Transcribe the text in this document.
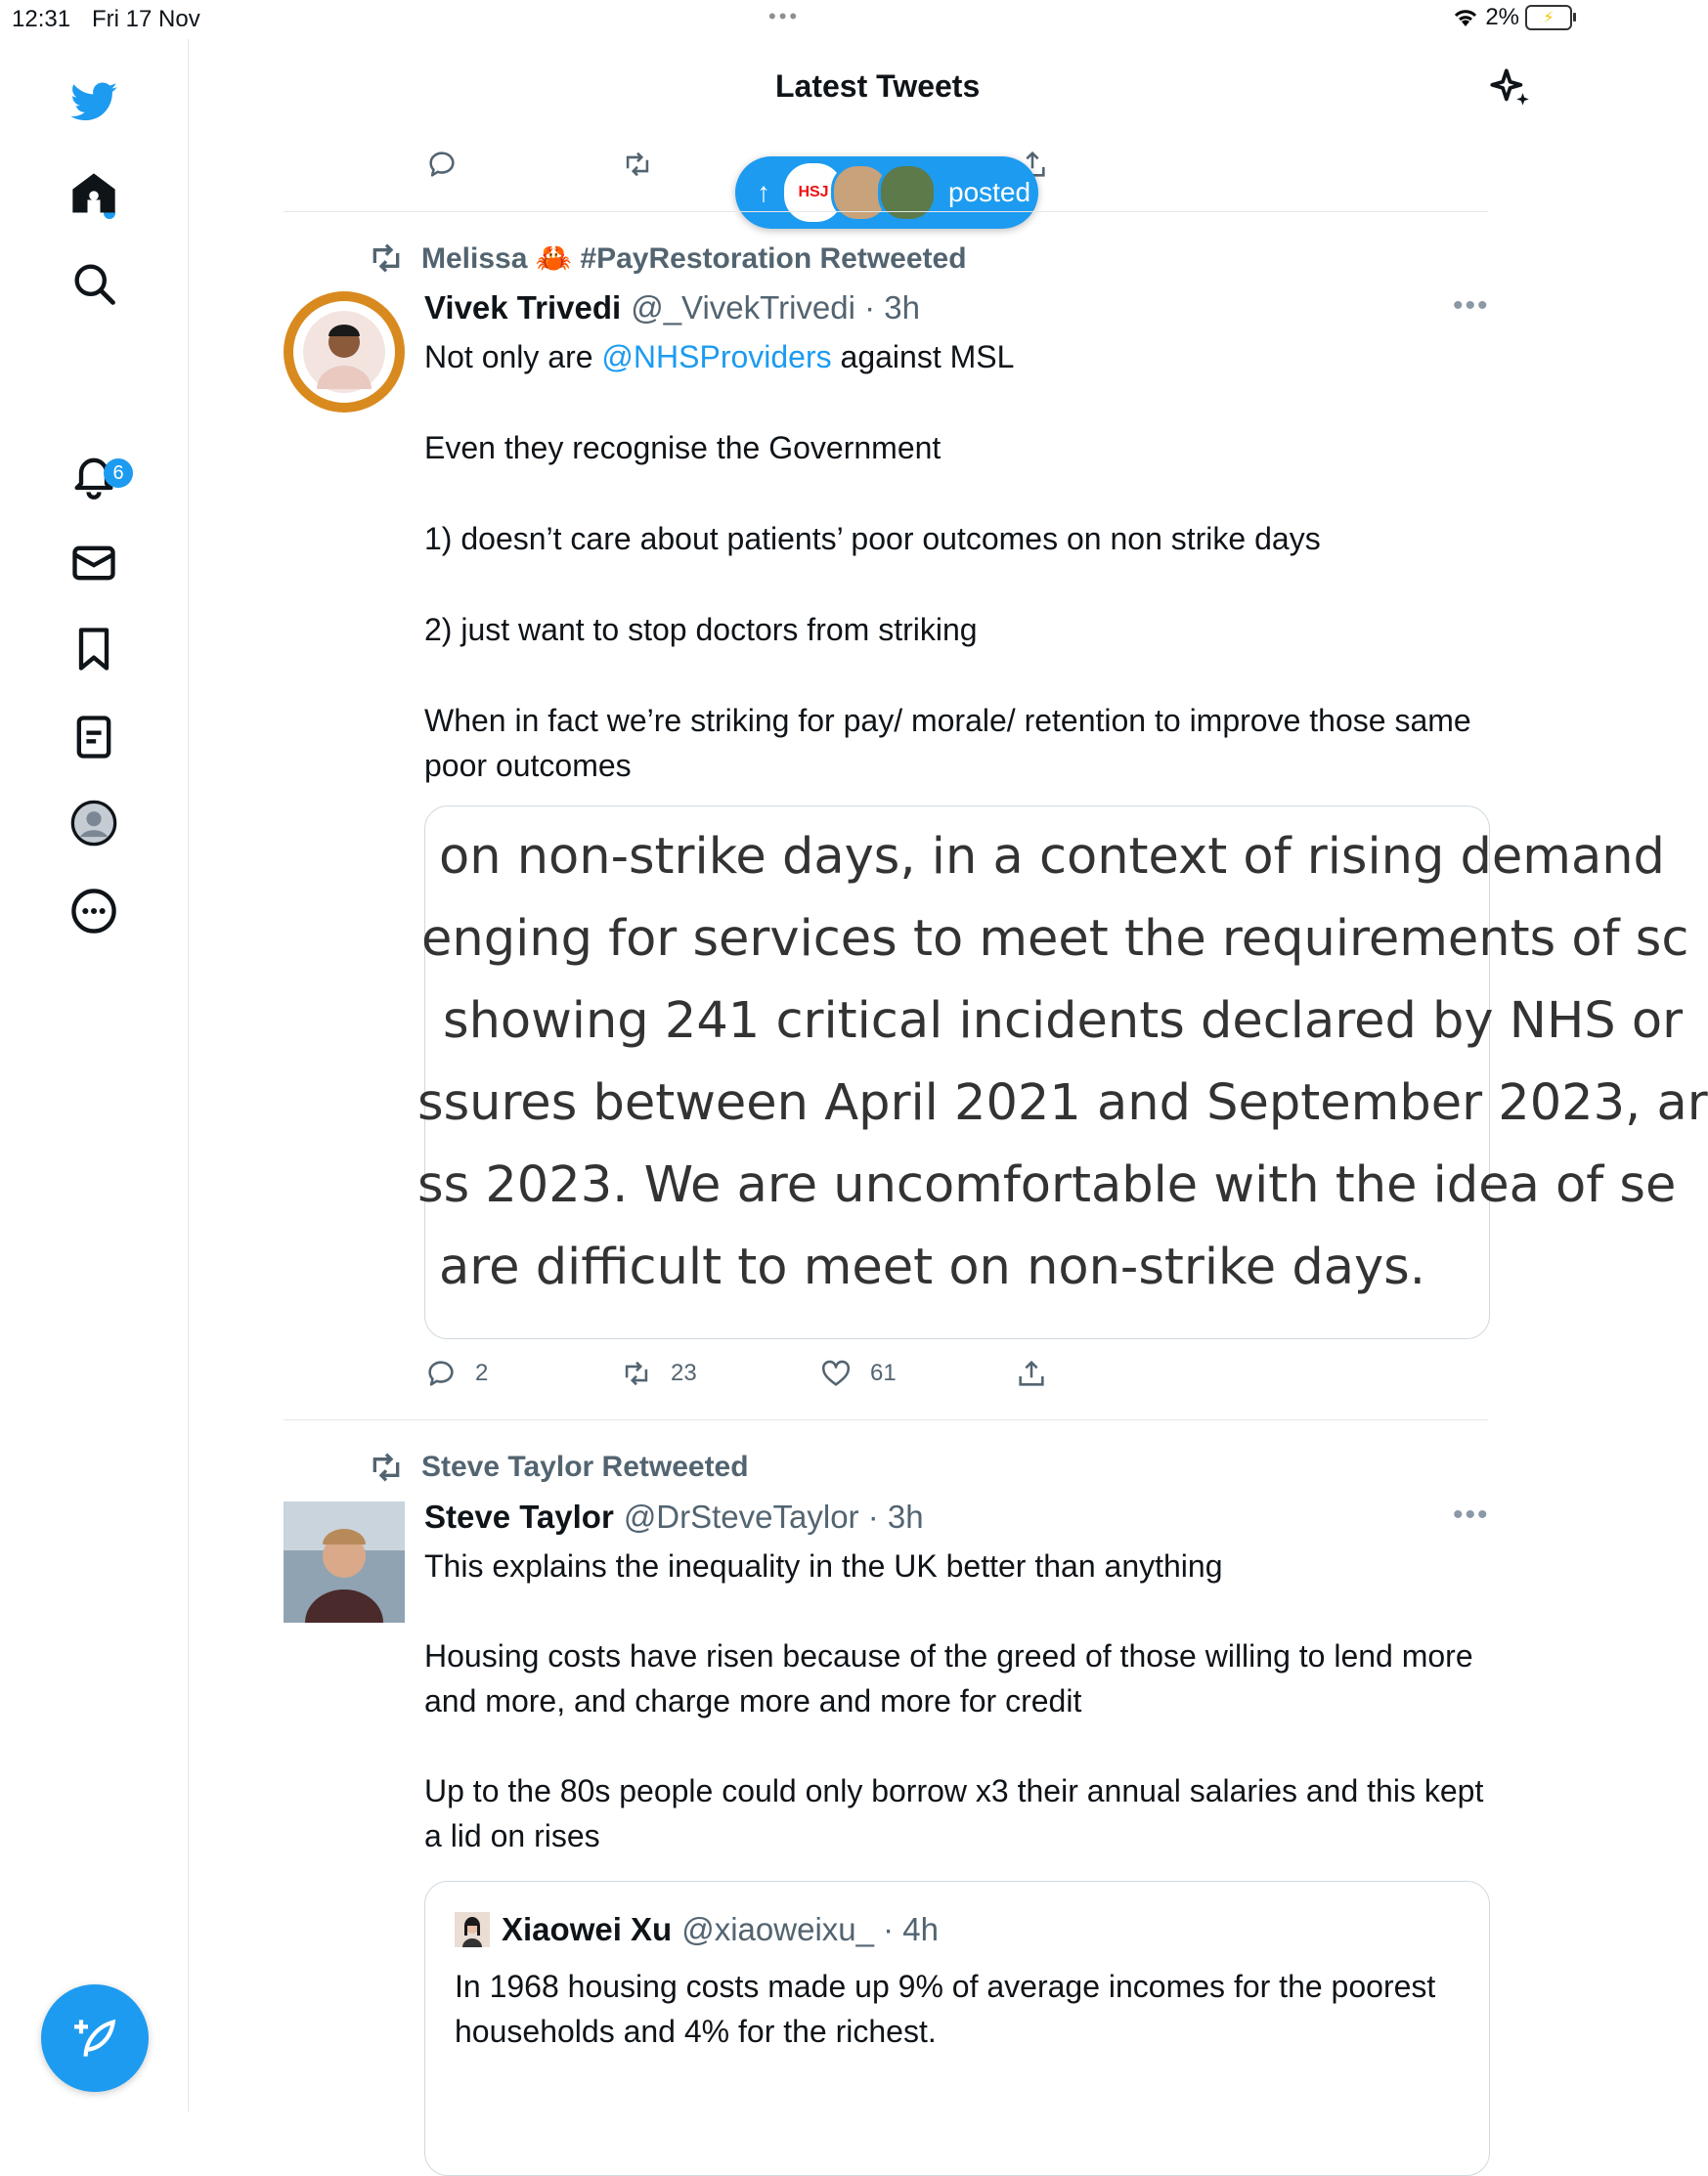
12:31 Fri 17 Nov	•••	2%	⚡
6
Latest Tweets
↑	HSJ	posted
Melissa 🦀 #PayRestoration Retweeted
Vivek Trivedi @_VivekTrivedi · 3h	•••

Not only are @NHSProviders against MSL

Even they recognise the Government

1) doesn’t care about patients’ poor outcomes on non strike days

2) just want to stop doctors from striking

When in fact we’re striking for pay/ morale/ retention to improve those same poor outcomes

on non-strike days, in a context of rising demand
enging for services to meet the requirements of sc
showing 241 critical incidents declared by NHS or
ssures between April 2021 and September 2023, ar
ss 2023. We are uncomfortable with the idea of se
are difficult to meet on non-strike days.
2	23	61
Steve Taylor Retweeted
Steve Taylor @DrSteveTaylor · 3h	•••

This explains the inequality in the UK better than anything

Housing costs have risen because of the greed of those willing to lend more and more, and charge more and more for credit

Up to the 80s people could only borrow x3 their annual salaries and this kept a lid on rises

Xiaowei Xu @xiaoweixu_ · 4h
In 1968 housing costs made up 9% of average incomes for the poorest households and 4% for the richest.
